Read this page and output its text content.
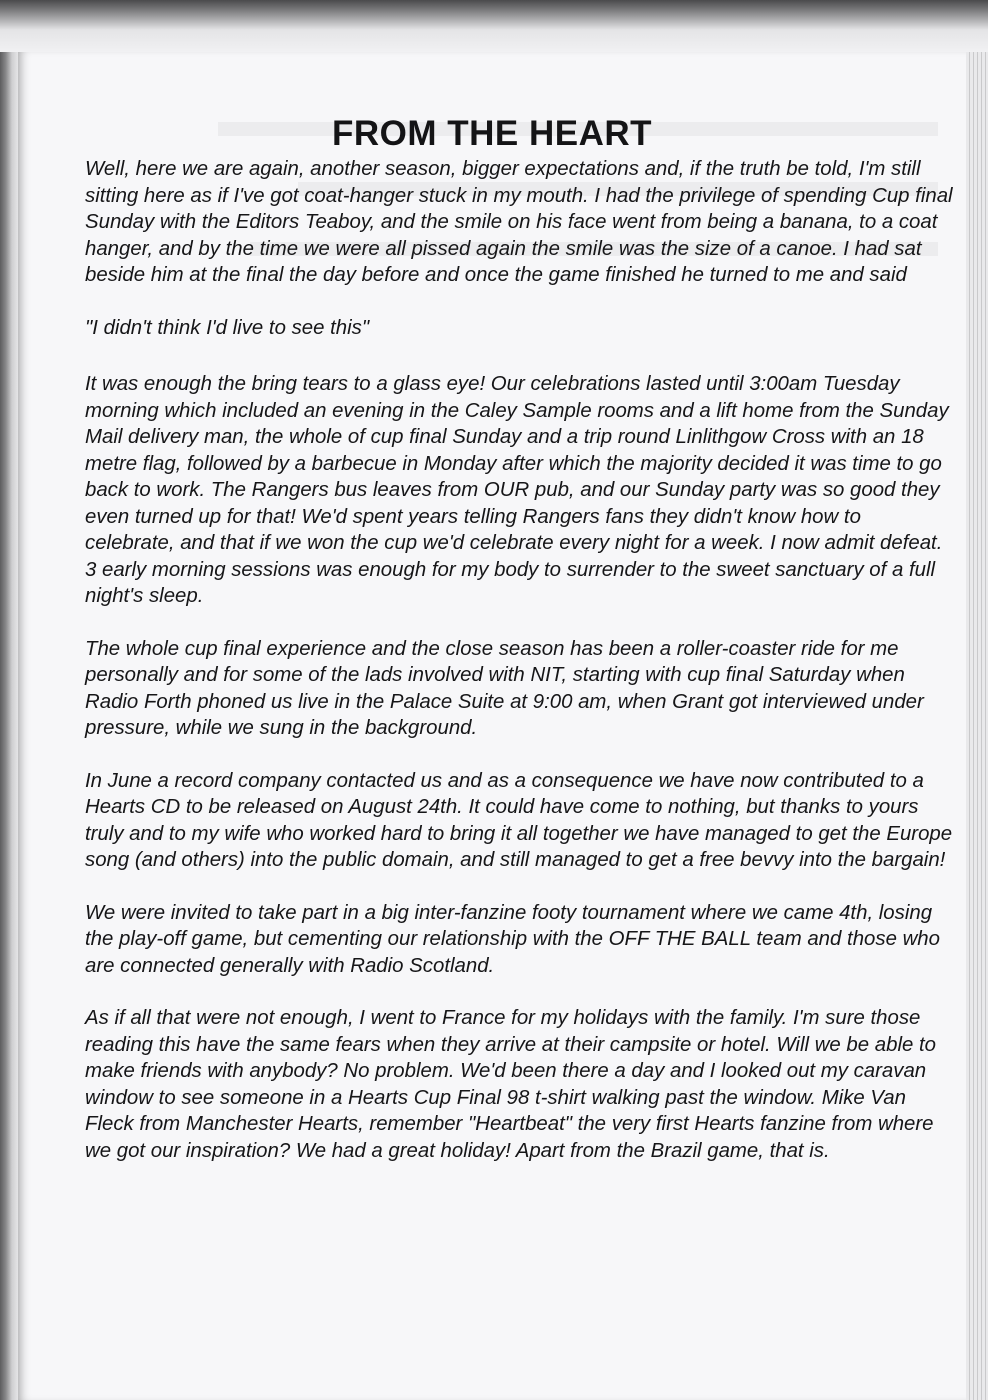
FROM THE HEART

Well, here we are again, another season, bigger expectations and, if the truth be told, I'm still sitting here as if I've got coat-hanger stuck in my mouth. I had the privilege of spending Cup final Sunday with the Editors Teaboy, and the smile on his face went from being a banana, to a coat hanger, and by the time we were all pissed again the smile was the size of a canoe. I had sat beside him at the final the day before and once the game finished he turned to me and said

"I didn't think I'd live to see this"

It was enough the bring tears to a glass eye! Our celebrations lasted until 3:00am Tuesday morning which included an evening in the Caley Sample rooms and a lift home from the Sunday Mail delivery man, the whole of cup final Sunday and a trip round Linlithgow Cross with an 18 metre flag, followed by a barbecue in Monday after which the majority decided it was time to go back to work. The Rangers bus leaves from OUR pub, and our Sunday party was so good they even turned up for that! We'd spent years telling Rangers fans they didn't know how to celebrate, and that if we won the cup we'd celebrate every night for a week. I now admit defeat. 3 early morning sessions was enough for my body to surrender to the sweet sanctuary of a full night's sleep.

The whole cup final experience and the close season has been a roller-coaster ride for me personally and for some of the lads involved with NIT, starting with cup final Saturday when Radio Forth phoned us live in the Palace Suite at 9:00 am, when Grant got interviewed under pressure, while we sung in the background.

In June a record company contacted us and as a consequence we have now contributed to a Hearts CD to be released on August 24th. It could have come to nothing, but thanks to yours truly and to my wife who worked hard to bring it all together we have managed to get the Europe song (and others) into the public domain, and still managed to get a free bevvy into the bargain!

We were invited to take part in a big inter-fanzine footy tournament where we came 4th, losing the play-off game, but cementing our relationship with the OFF THE BALL team and those who are connected generally with Radio Scotland.

As if all that were not enough, I went to France for my holidays with the family. I'm sure those reading this have the same fears when they arrive at their campsite or hotel. Will we be able to make friends with anybody? No problem. We'd been there a day and I looked out my caravan window to see someone in a Hearts Cup Final 98 t-shirt walking past the window. Mike Van Fleck from Manchester Hearts, remember "Heartbeat" the very first Hearts fanzine from where we got our inspiration? We had a great holiday! Apart from the Brazil game, that is.
